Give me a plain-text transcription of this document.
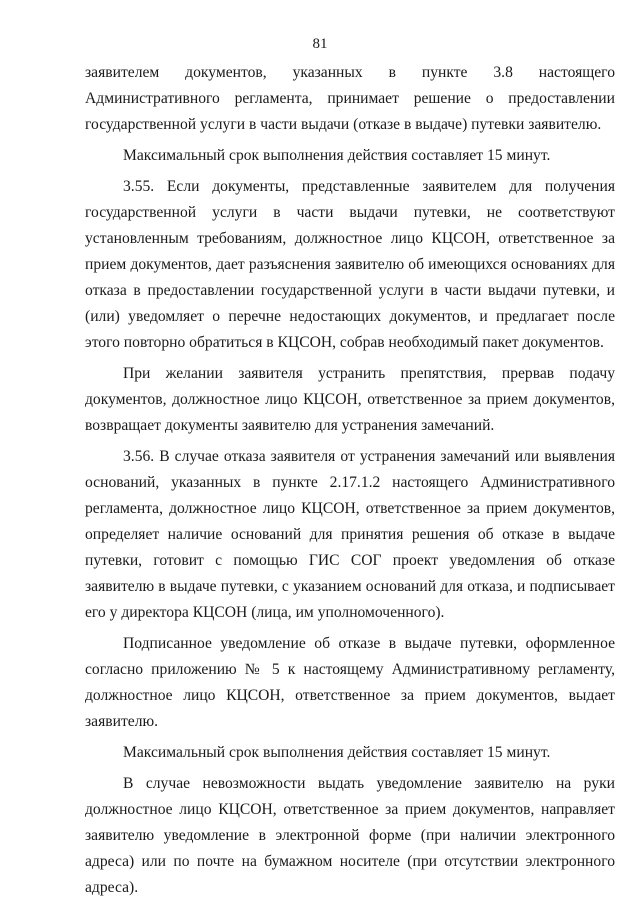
81

заявителем документов, указанных в пункте 3.8 настоящего Административного регламента, принимает решение о предоставлении государственной услуги в части выдачи (отказе в выдаче) путевки заявителю.

Максимальный срок выполнения действия составляет 15 минут.

3.55. Если документы, представленные заявителем для получения государственной услуги в части выдачи путевки, не соответствуют установленным требованиям, должностное лицо КЦСОН, ответственное за прием документов, дает разъяснения заявителю об имеющихся основаниях для отказа в предоставлении государственной услуги в части выдачи путевки, и (или) уведомляет о перечне недостающих документов, и предлагает после этого повторно обратиться в КЦСОН, собрав необходимый пакет документов.

При желании заявителя устранить препятствия, прервав подачу документов, должностное лицо КЦСОН, ответственное за прием документов, возвращает документы заявителю для устранения замечаний.

3.56. В случае отказа заявителя от устранения замечаний или выявления оснований, указанных в пункте 2.17.1.2 настоящего Административного регламента, должностное лицо КЦСОН, ответственное за прием документов, определяет наличие оснований для принятия решения об отказе в выдаче путевки, готовит с помощью ГИС СОГ проект уведомления об отказе заявителю в выдаче путевки, с указанием оснований для отказа, и подписывает его у директора КЦСОН (лица, им уполномоченного).

Подписанное уведомление об отказе в выдаче путевки, оформленное согласно приложению № 5 к настоящему Административному регламенту, должностное лицо КЦСОН, ответственное за прием документов, выдает заявителю.

Максимальный срок выполнения действия составляет 15 минут.

В случае невозможности выдать уведомление заявителю на руки должностное лицо КЦСОН, ответственное за прием документов, направляет заявителю уведомление в электронной форме (при наличии электронного адреса) или по почте на бумажном носителе (при отсутствии электронного адреса).
